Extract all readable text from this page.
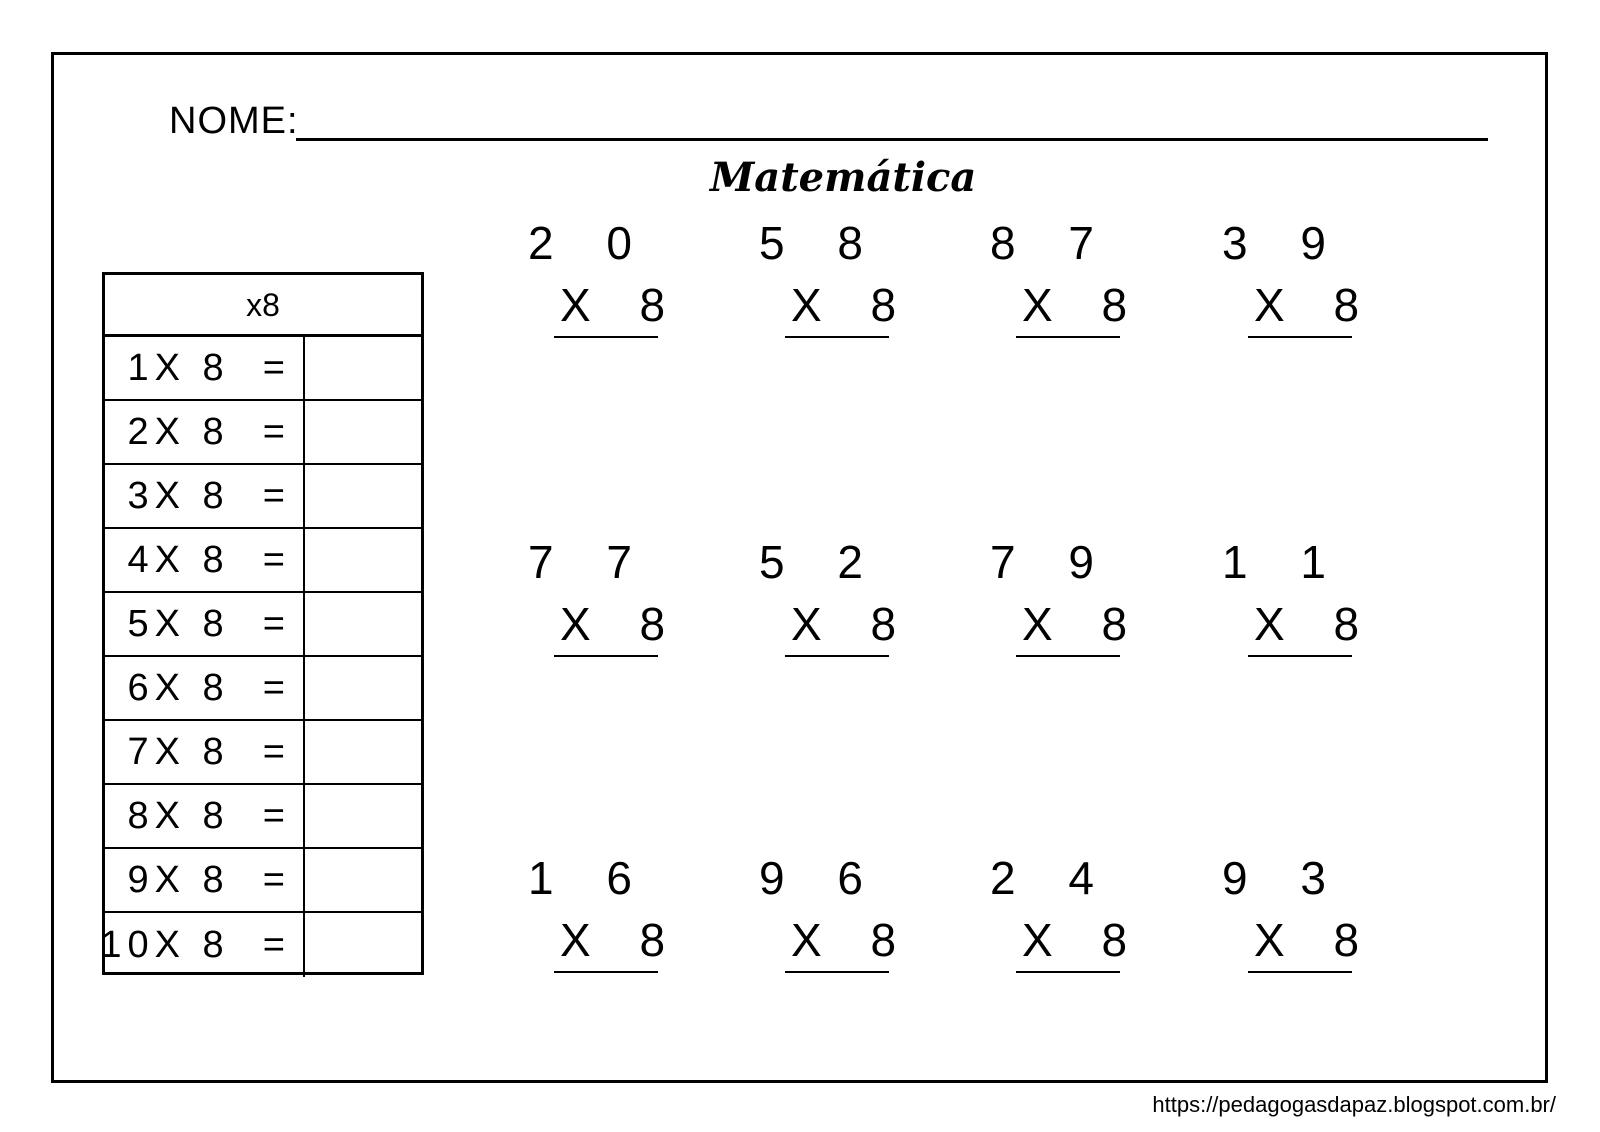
NOME:
Matemática
x8
1X 8  =
2X 8  =
3X 8  =
4X 8  =
5X 8  =
6X 8  =
7X 8  =
8X 8  =
9X 8  =
10X 8  =
2 0
X 8
5 8
X 8
8 7
X 8
3 9
X 8
7 7
X 8
5 2
X 8
7 9
X 8
1 1
X 8
1 6
X 8
9 6
X 8
2 4
X 8
9 3
X 8
https://pedagogasdapaz.blogspot.com.br/
